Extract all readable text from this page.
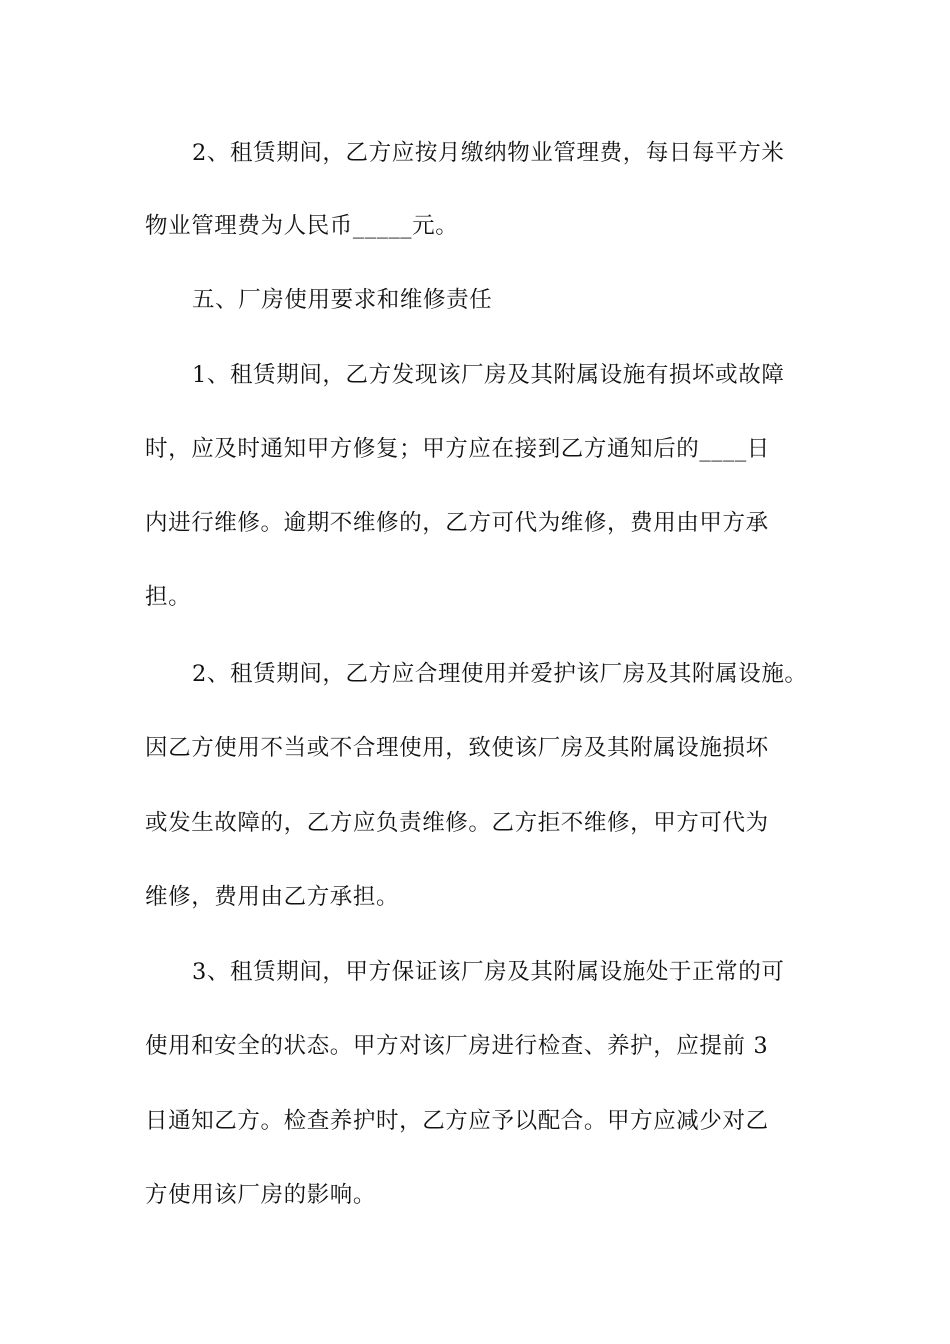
2、租赁期间，乙方应按月缴纳物业管理费，每日每平方米
物业管理费为人民币_____元。
五、厂房使用要求和维修责任
1、租赁期间，乙方发现该厂房及其附属设施有损坏或故障
时，应及时通知甲方修复；甲方应在接到乙方通知后的____日
内进行维修。逾期不维修的，乙方可代为维修，费用由甲方承
担。
2、租赁期间，乙方应合理使用并爱护该厂房及其附属设施。
因乙方使用不当或不合理使用，致使该厂房及其附属设施损坏
或发生故障的，乙方应负责维修。乙方拒不维修，甲方可代为
维修，费用由乙方承担。
3、租赁期间，甲方保证该厂房及其附属设施处于正常的可
使用和安全的状态。甲方对该厂房进行检查、养护，应提前 3
日通知乙方。检查养护时，乙方应予以配合。甲方应减少对乙
方使用该厂房的影响。
